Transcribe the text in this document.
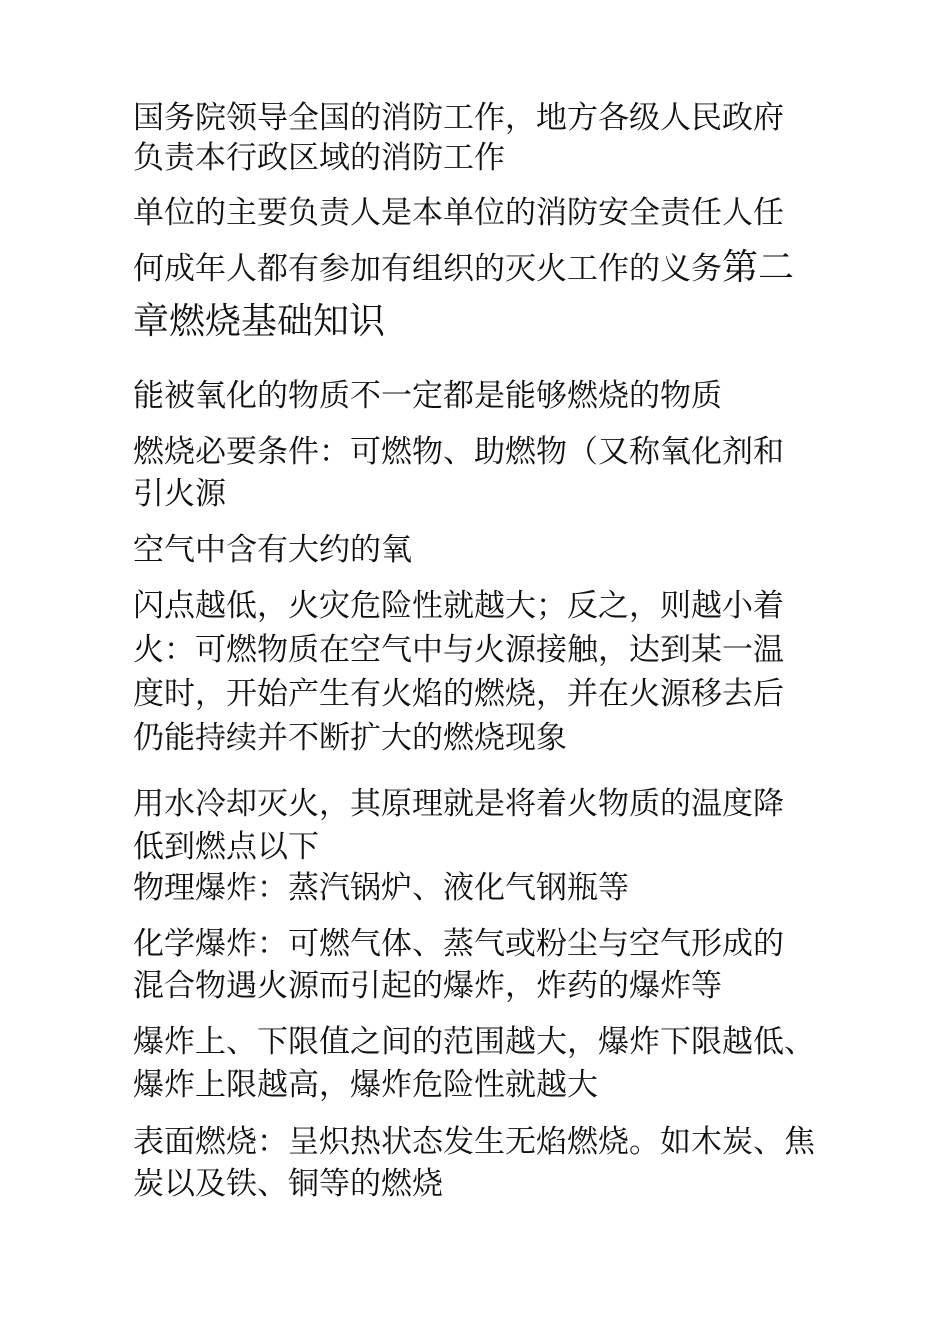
国务院领导全国的消防工作，地方各级人民政府
负责本行政区域的消防工作
单位的主要负责人是本单位的消防安全责任人任
何成年人都有参加有组织的灭火工作的义务第二
章燃烧基础知识
能被氧化的物质不一定都是能够燃烧的物质
燃烧必要条件：可燃物、助燃物（又称氧化剂和
引火源
空气中含有大约的氧
闪点越低，火灾危险性就越大；反之，则越小着
火：可燃物质在空气中与火源接触，达到某一温
度时，开始产生有火焰的燃烧，并在火源移去后
仍能持续并不断扩大的燃烧现象
用水冷却灭火，其原理就是将着火物质的温度降
低到燃点以下
物理爆炸：蒸汽锅炉、液化气钢瓶等
化学爆炸：可燃气体、蒸气或粉尘与空气形成的
混合物遇火源而引起的爆炸，炸药的爆炸等
爆炸上、下限值之间的范围越大，爆炸下限越低、
爆炸上限越高，爆炸危险性就越大
表面燃烧：呈炽热状态发生无焰燃烧。如木炭、焦
炭以及铁、铜等的燃烧
